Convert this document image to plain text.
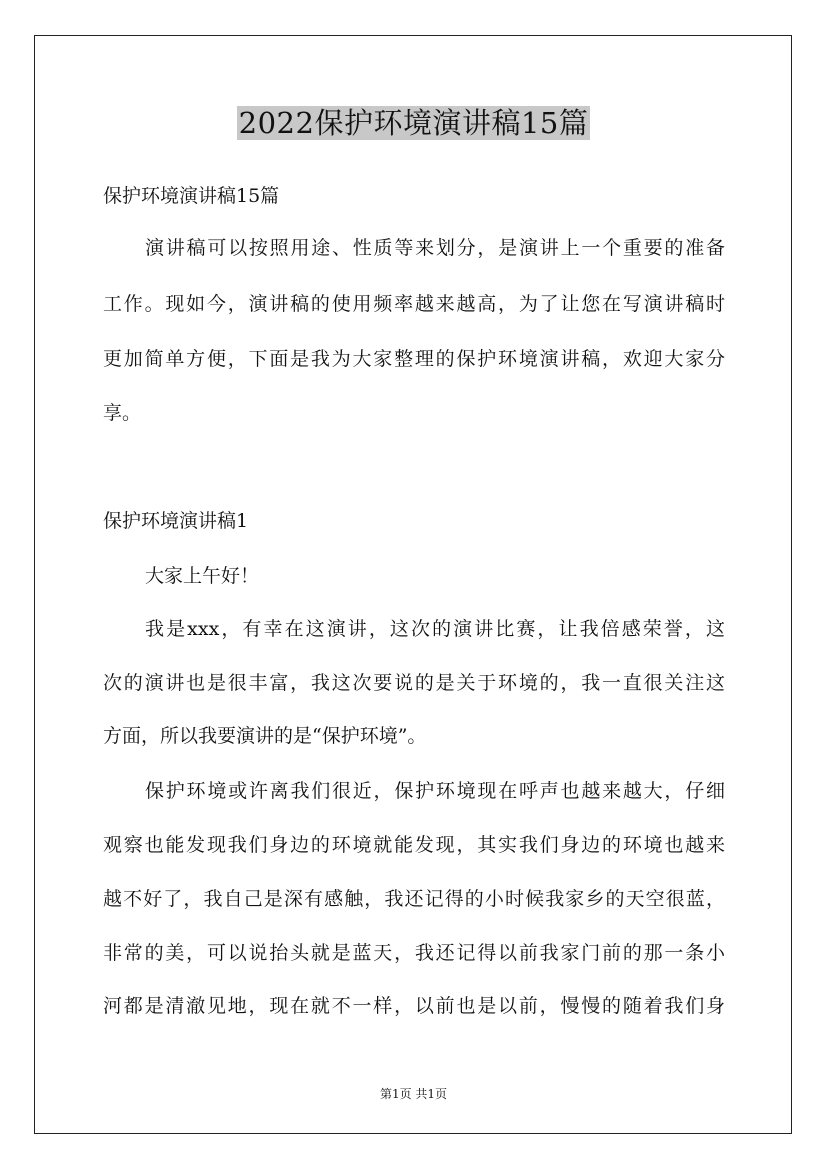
2022保护环境演讲稿15篇
保护环境演讲稿15篇
演讲稿可以按照用途、性质等来划分，是演讲上一个重要的准备
工作。现如今，演讲稿的使用频率越来越高，为了让您在写演讲稿时
更加简单方便，下面是我为大家整理的保护环境演讲稿，欢迎大家分
享。
保护环境演讲稿1
大家上午好！
我是xxx，有幸在这演讲，这次的演讲比赛，让我倍感荣誉，这
次的演讲也是很丰富，我这次要说的是关于环境的，我一直很关注这
方面，所以我要演讲的是“保护环境”。
保护环境或许离我们很近，保护环境现在呼声也越来越大，仔细
观察也能发现我们身边的环境就能发现，其实我们身边的环境也越来
越不好了，我自己是深有感触，我还记得的小时候我家乡的天空很蓝，
非常的美，可以说抬头就是蓝天，我还记得以前我家门前的那一条小
河都是清澈见地，现在就不一样，以前也是以前，慢慢的随着我们身
第1页 共1页
